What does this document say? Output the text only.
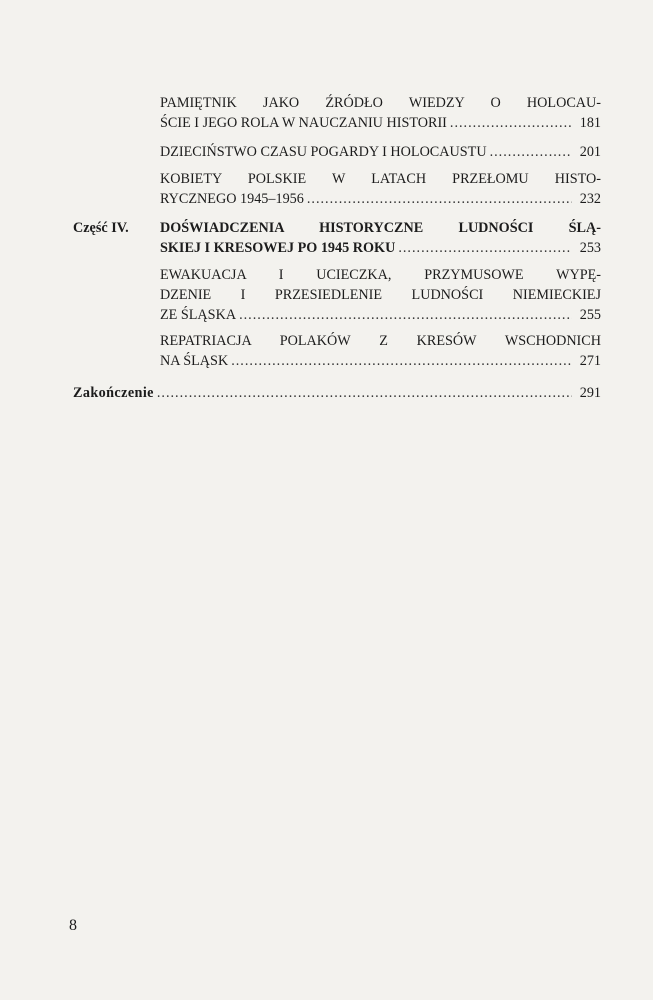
PAMIĘTNIK JAKO ŹRÓDŁO WIEDZY O HOLOCAU-
ŚCIE I JEGO ROLA W NAUCZANIU HISTORII .....	181
DZIECIŃSTWO CZASU POGARDY I HOLOCAUSTU .....	201
KOBIETY POLSKIE W LATACH PRZEŁOMU HISTO-
RYCZNEGO 1945–1956 .....	232
Część IV. DOŚWIADCZENIA HISTORYCZNE LUDNOŚCI ŚLĄ-
SKIEJ I KRESOWEJ PO 1945 ROKU .....	253
EWAKUACJA I UCIECZKA, PRZYMUSOWE WYPĘ-
DZENIE I PRZESIEDLENIE LUDNOŚCI NIEMIECKIEJ
ZE ŚLĄSKA .....	255
REPATRIACJA POLAKÓW Z KRESÓW WSCHODNICH
NA ŚLĄSK .....	271
Zakończenie .....	291
8
